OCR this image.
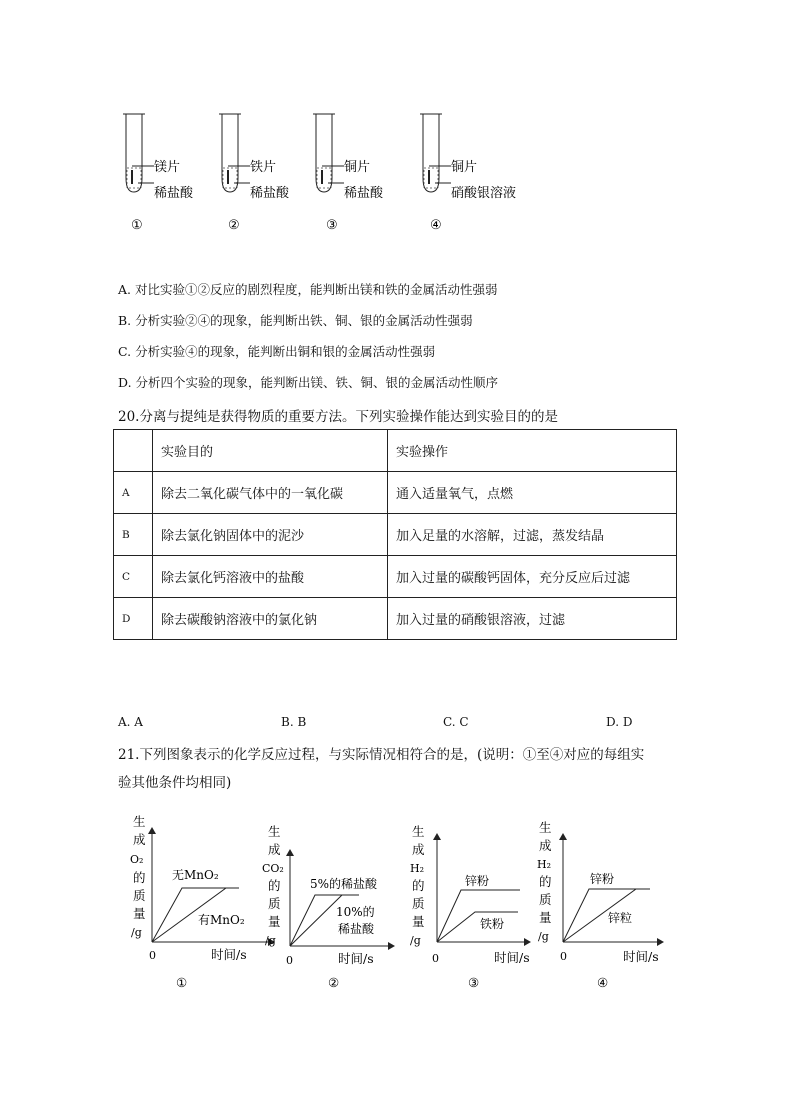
镁片
稀盐酸
铁片
稀盐酸
铜片
稀盐酸
铜片
硝酸银溶液
①	②	③	④
A. 对比实验①②反应的剧烈程度，能判断出镁和铁的金属活动性强弱
B. 分析实验②④的现象，能判断出铁、铜、银的金属活动性强弱
C. 分析实验④的现象，能判断出铜和银的金属活动性强弱
D. 分析四个实验的现象，能判断出镁、铁、铜、银的金属活动性顺序
20.分离与提纯是获得物质的重要方法。下列实验操作能达到实验目的的是
	实验目的	实验操作
A	除去二氧化碳气体中的一氧化碳	通入适量氧气，点燃
B	除去氯化钠固体中的泥沙	加入足量的水溶解，过滤，蒸发结晶
C	除去氯化钙溶液中的盐酸	加入过量的碳酸钙固体，充分反应后过滤
D	除去碳酸钠溶液中的氯化钠	加入过量的硝酸银溶液，过滤
A. A	B. B	C. C	D. D
21.下列图象表示的化学反应过程，与实际情况相符合的是，(说明：①至④对应的每组实
验其他条件均相同)
生
成
O₂
的
质
量
/g
0	时间/s
无MnO₂
有MnO₂
①
生
成
CO₂
的
质
量
/g
0	时间/s
5%的稀盐酸
10%的
稀盐酸
②
生
成
H₂
的
质
量
/g
0	时间/s
锌粉
铁粉
③
生
成
H₂
的
质
量
/g
0	时间/s
锌粉
锌粒
④
